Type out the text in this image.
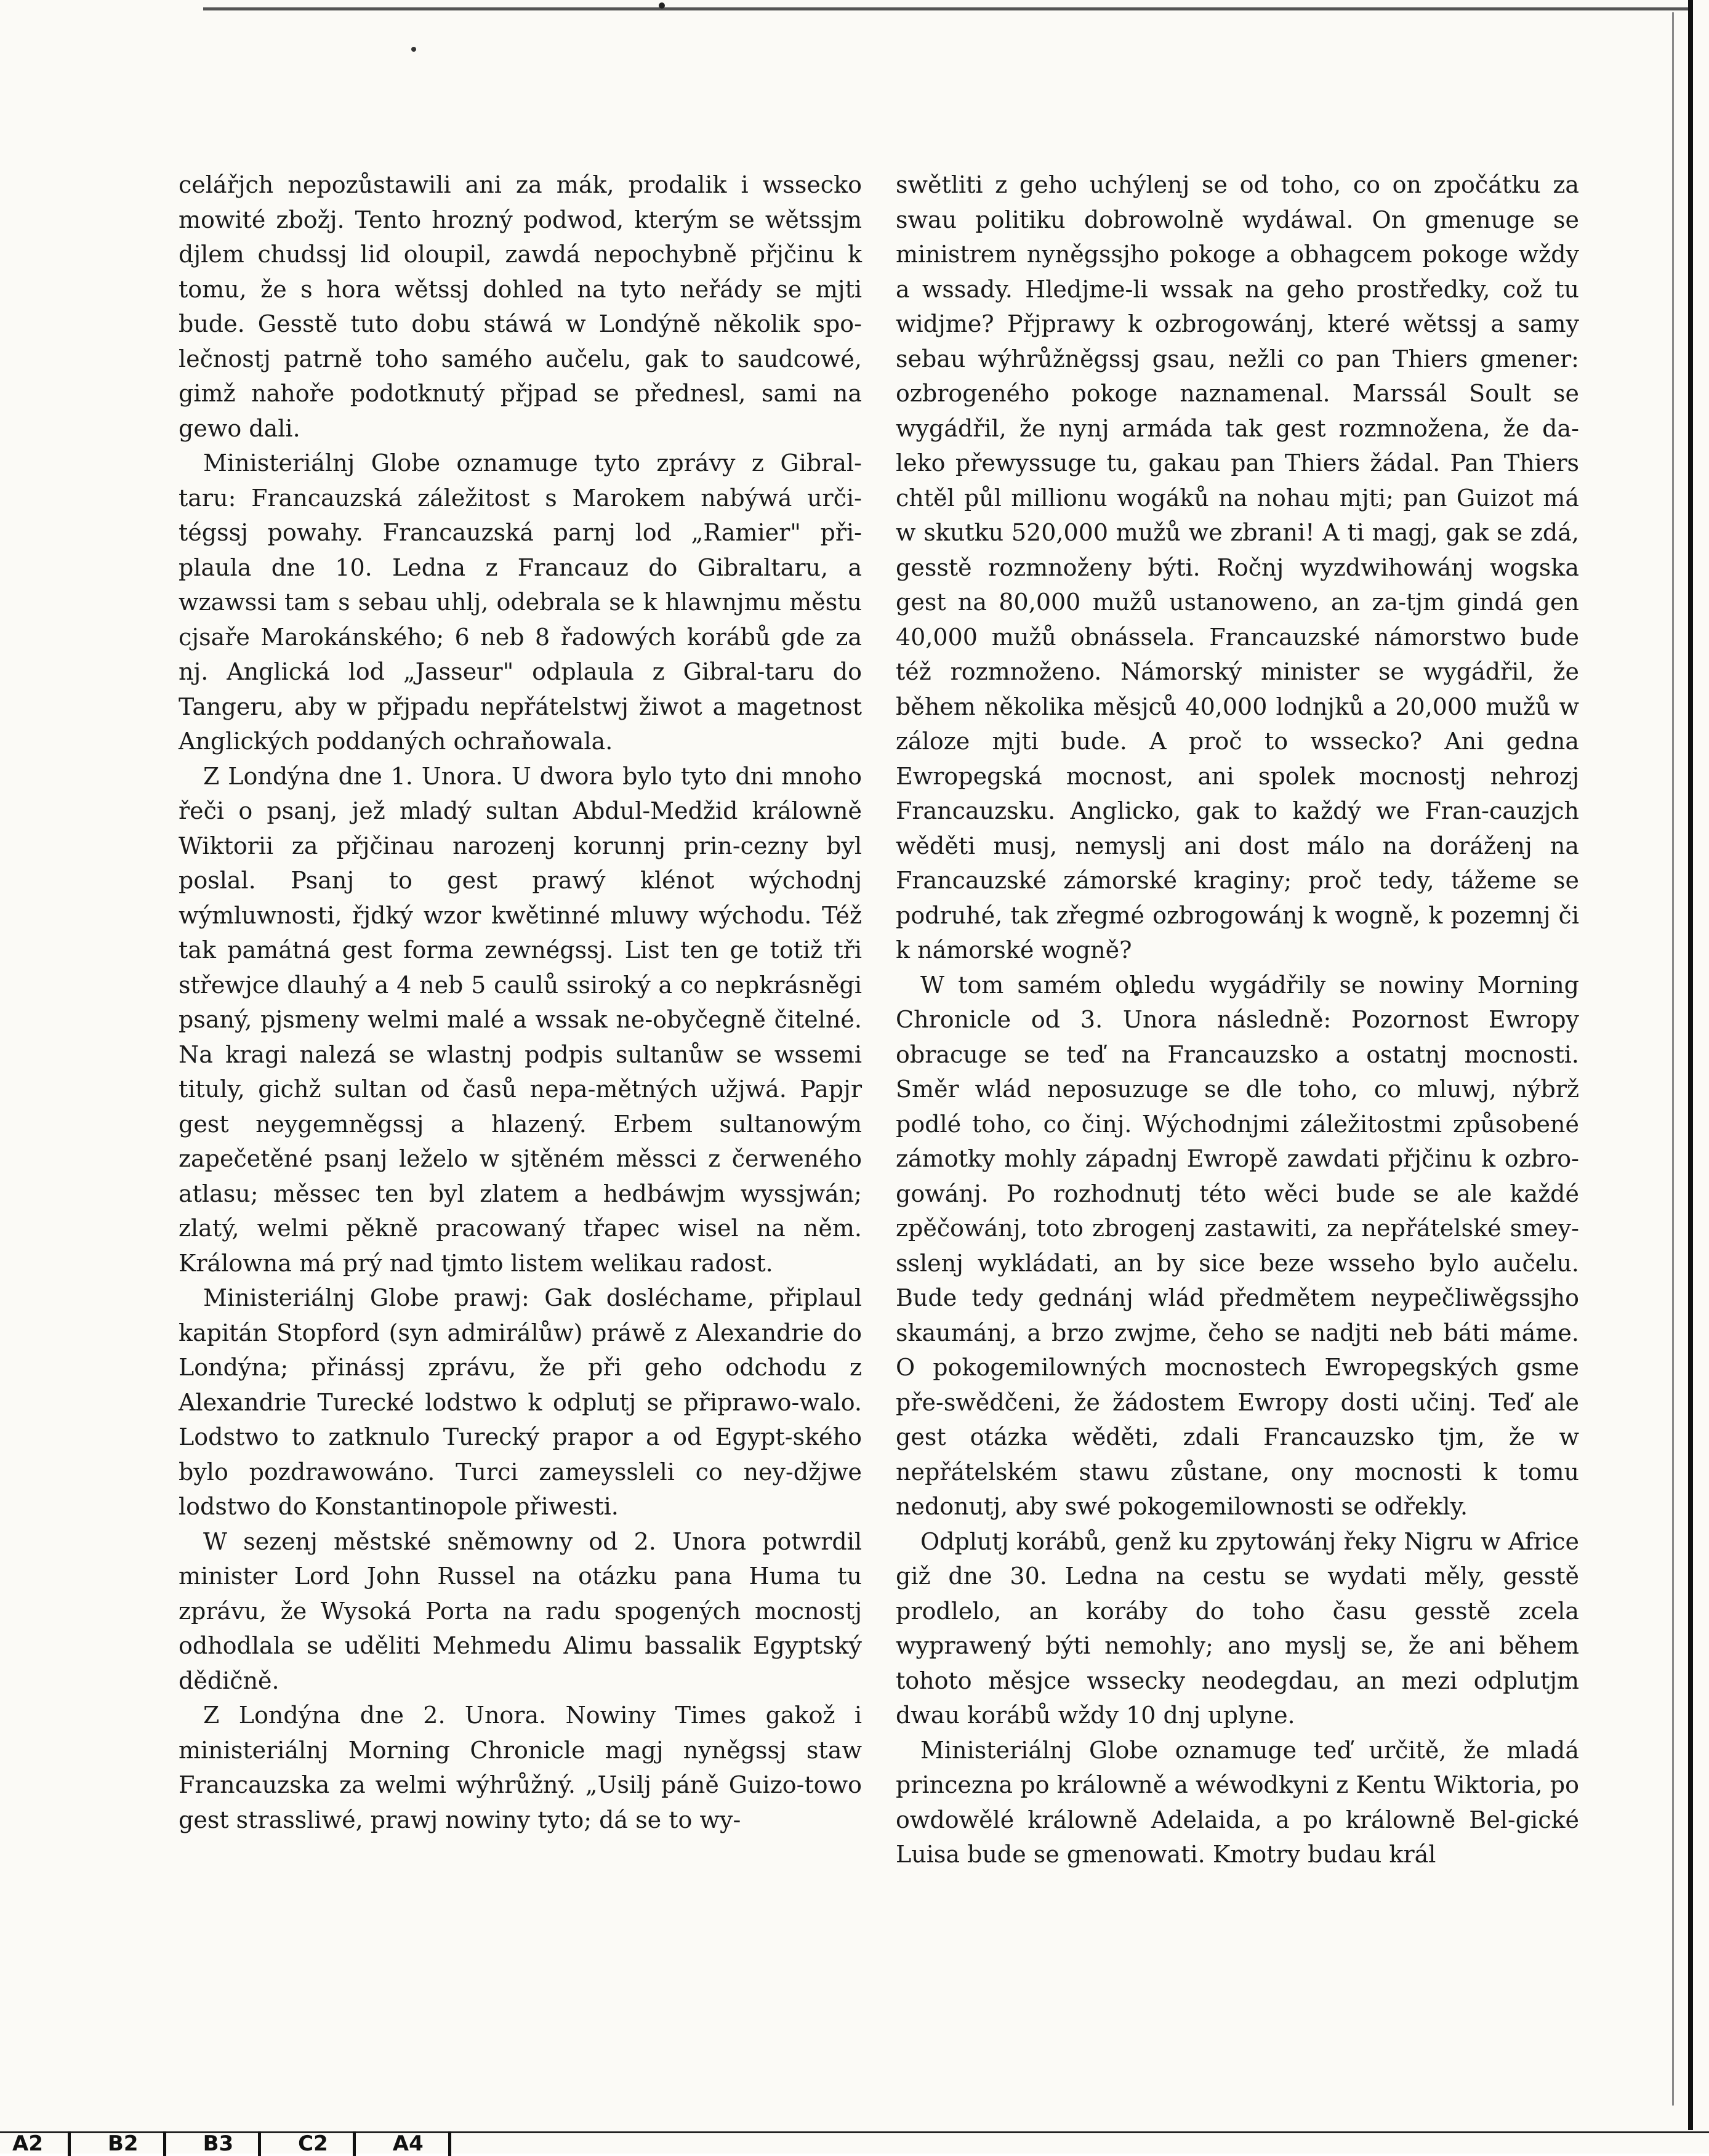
celářjch nepozůstawili ani za mák, prodalik i wsseckо mowité zbožj. Tento hrozný podwod, kterým se wětssjm djlem chudssj lid oloupil, zawdá nepochybně přjčinu k tomu, že s hora wětssj dohled na tyto neřády se mjti bude. Gesstě tuto dobu stáwá w Londýně několik spo-lečnostj patrně toho samého aučelu, gak to saudcowé, gimž nahoře podotknutý přjpad se přednesl, sami na gewo dali.

Ministeriálnj Globe oznamuge tyto zprávy z Gibral-taru: Francauzská záležitost s Marokem nabýwá urči-tégssj powahy. Francauzská parnj lod „Ramier" při-plaula dne 10. Ledna z Francauz do Gibraltaru, a wzawssi tam s sebau uhlj, odebrala se k hlawnjmu městu cjsaře Marokánského; 6 neb 8 řadowých korábů gde za nj. Anglická lod „Jasseur" odplaula z Gibral-taru do Tangeru, aby w přjpadu nepřátelstwj žiwot a magetnost Anglických poddaných ochraňowala.

Z Londýna dne 1. Unora. U dwora bylo tyto dni mnoho řeči o psanj, jež mladý sultan Abdul-Medžid králowně Wiktorii za přjčinau narozenj korunnj prin-cezny byl poslal. Psanj to gest prawý klénot wýchodnj wýmluwnosti, řjdký wzor kwětinné mluwy wýchodu. Též tak památná gest forma zewnégssj. List ten ge totiž tři střewjce dlauhý a 4 neb 5 caulů ssiroký a co nepkrásněgi psaný, pjsmeny welmi malé a wssak ne-obyčegně čitelné. Na kragi nalezá se wlastnj podpis sultanůw se wssemi tituly, gichž sultan od časů nepa-mětných užjwá. Papjr gest neygemněgssj a hlazený. Erbem sultanowým zapečetěné psanj leželo w sjtěném měssci z čerweného atlasu; měssec ten byl zlatem a hedbáwjm wyssjwán; zlatý, welmi pěkně pracowaný třapec wisel na něm. Králowna má prý nad tjmto listem welikau radost.

Ministeriálnj Globe prawj: Gak dosléchame, připlaul kapitán Stopford (syn admirálůw) práwě z Alexandrie do Londýna; přinássj zprávu, že při geho odchodu z Alexandrie Turecké lodstwo k odplutj se připrawo-walo. Lodstwo to zatknulo Turecký prapor a od Egypt-ského bylo pozdrawowáno. Turci zameyssleli co ney-džjwe lodstwo do Konstantinopole přiwesti.

W sezenj městské sněmowny od 2. Unora potwrdil minister Lord John Russel na otázku pana Huma tu zprávu, že Wysoká Porta na radu spogených mocnostj odhodlala se uděliti Mehmedu Alimu bassalik Egyptský dědičně.

Z Londýna dne 2. Unora. Nowiny Times gakož i ministeriálnj Morning Chronicle magj nyněgssj staw Francauzska za welmi wýhrůžný. „Usilj páně Guizo-towo gest strassliwé, prawj nowiny tyto; dá se to wy-

swětliti z geho uchýlenj se od toho, co on zpočátku za swau politiku dobrowolně wydáwal. On gmenuge se ministrem nyněgssjho pokoge a obhagcem pokoge wždy a wssady. Hledjme-li wssak na geho prostředky, což tu widjme? Přjprawy k ozbrogowánj, které wětssj a samy sebau wýhrůžněgssj gsau, nežli co pan Thiers gmener: ozbrogeného pokoge naznamenal. Marssál Soult se wygádřil, že nynj armáda tak gest rozmnožena, že da-leko přewyssuge tu, gakau pan Thiers žádal. Pan Thiers chtěl půl millionu wogáků na nohau mjti; pan Guizot má w skutku 520,000 mužů we zbrani! A ti magj, gak se zdá, gesstě rozmnoženy býti. Ročnj wyzdwihowánj wogska gest na 80,000 mužů ustanoweno, an za-tjm gindá gen 40,000 mužů obnássela. Francauzské námorstwo bude též rozmnoženo. Námorský minister se wygádřil, že během několika měsjců 40,000 lodnjků a 20,000 mužů w záloze mjti bude. A proč to wssecko? Ani gedna Ewropegská mocnost, ani spolek mocnostj nehrozj Francauzsku. Anglicko, gak to každý we Fran-cauzjch wěděti musj, nemyslj ani dost málo na doráženj na Francauzské zámorské kraginy; proč tedy, tážeme se podruhé, tak zřegmé ozbrogowánj k wogně, k pozemnj či k námorské wogně?

W tom samém ohledu wygádřily se nowiny Morning Chronicle od 3. Unora následně: Pozornost Ewropy obracuge se teď na Francauzsko a ostatnj mocnosti. Směr wlád neposuzuge se dle toho, co mluwj, nýbrž podlé toho, co činj. Wýchodnjmi záležitostmi způsobené zámotky mohly západnj Ewropě zawdati přjčinu k ozbro-gowánj. Po rozhodnutj této wěci bude se ale každé zpěčowánj, toto zbrogenj zastawiti, za nepřátelské smey-sslenj wykládati, an by sice beze wsseho bylo aučelu. Bude tedy gednánj wlád předmětem neypečliwěgssjho skaumánj, a brzo zwjme, čeho se nadjti neb báti máme. O pokogemilowných mocnostech Ewropegských gsme pře-swědčeni, že žádostem Ewropy dosti učinj. Teď ale gest otázka wěděti, zdali Francauzsko tjm, že w nepřátelském stawu zůstane, ony mocnosti k tomu nedonutj, aby swé pokogemilownosti se odřekly.

Odplutj korábů, genž ku zpytowánj řeky Nigru w Africe giž dne 30. Ledna na cestu se wydati měly, gesstě prodlelo, an koráby do toho času gesstě zcela wyprawený býti nemohly; ano myslj se, že ani během tohoto měsjce wssecky neodegdau, an mezi odplutjm dwau korábů wždy 10 dnj uplyne.

Ministeriálnj Globe oznamuge teď určitě, že mladá princezna po králowně a wéwodkyni z Kentu Wiktoria, po owdowělé králowně Adelaida, a po králowně Bel-gické Luisa bude se gmenowati. Kmotry budau král

A2	B2	B3	C2	A4
